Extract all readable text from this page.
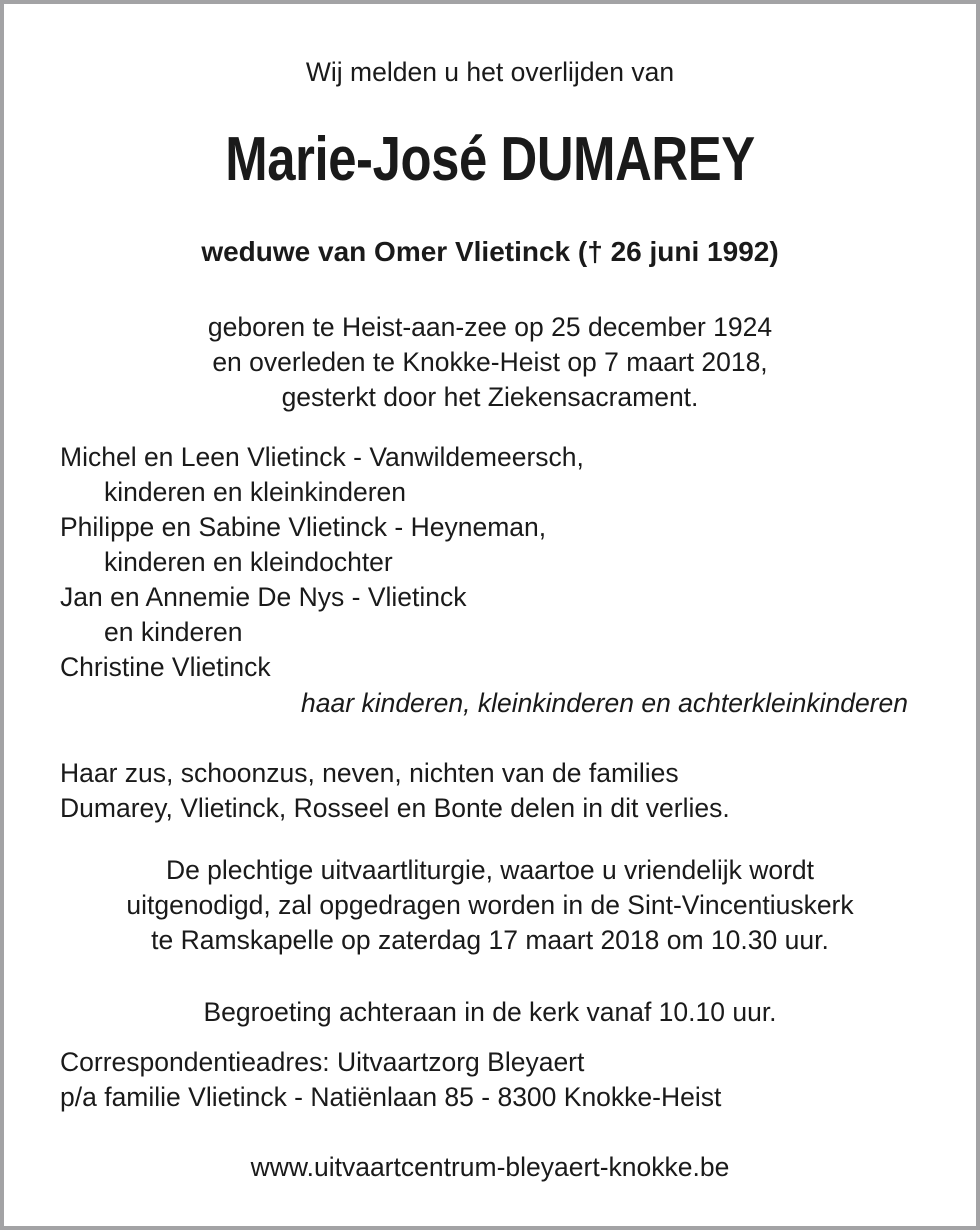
Wij melden u het overlijden van
Marie-José DUMAREY
weduwe van Omer Vlietinck († 26 juni 1992)
geboren te Heist-aan-zee op 25 december 1924
en overleden te Knokke-Heist op 7 maart 2018,
gesterkt door het Ziekensacrament.
Michel en Leen Vlietinck - Vanwildemeersch,
kinderen en kleinkinderen
Philippe en Sabine Vlietinck - Heyneman,
kinderen en kleindochter
Jan en Annemie De Nys - Vlietinck
en kinderen
Christine Vlietinck
haar kinderen, kleinkinderen en achterkleinkinderen
Haar zus, schoonzus, neven, nichten van de families
Dumarey, Vlietinck, Rosseel en Bonte delen in dit verlies.
De plechtige uitvaartliturgie, waartoe u vriendelijk wordt
uitgenodigd, zal opgedragen worden in de Sint-Vincentiuskerk
te Ramskapelle op zaterdag 17 maart 2018 om 10.30 uur.
Begroeting achteraan in de kerk vanaf 10.10 uur.
Correspondentieadres: Uitvaartzorg Bleyaert
p/a familie Vlietinck - Natiënlaan 85 - 8300 Knokke-Heist
www.uitvaartcentrum-bleyaert-knokke.be
